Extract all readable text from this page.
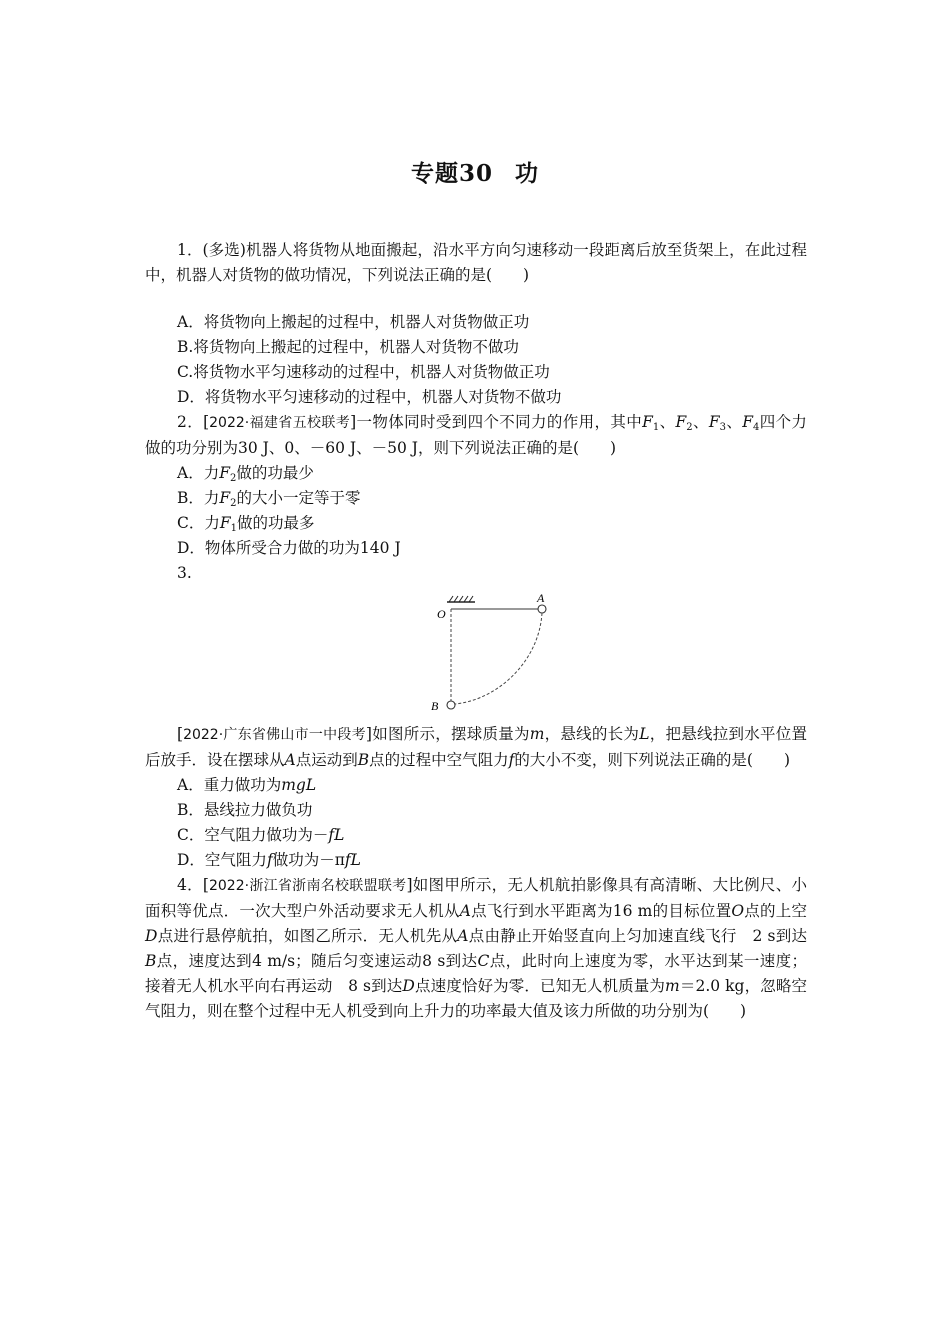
专题30 功

1．(多选)机器人将货物从地面搬起，沿水平方向匀速移动一段距离后放至货架上，在此过程中，机器人对货物的做功情况，下列说法正确的是(　　)

A．将货物向上搬起的过程中，机器人对货物做正功

B.将货物向上搬起的过程中，机器人对货物不做功

C.将货物水平匀速移动的过程中，机器人对货物做正功

D．将货物水平匀速移动的过程中，机器人对货物不做功

2．[2022·福建省五校联考]一物体同时受到四个不同力的作用，其中$F_1$、$F_2$、$F_3$、$F_4$四个力做的功分别为30 J、0、－60 J、－50 J，则下列说法正确的是(　　)

A．力$F_2$做的功最少

B．力$F_2$的大小一定等于零

C．力$F_1$做的功最多

D．物体所受合力做的功为140 J

3.

O
A
B

[2022·广东省佛山市一中段考]如图所示，摆球质量为m，悬线的长为L，把悬线拉到水平位置后放手．设在摆球从A点运动到B点的过程中空气阻力f的大小不变，则下列说法正确的是(　　)

A．重力做功为mgL

B．悬线拉力做负功

C．空气阻力做功为－fL

D．空气阻力f做功为－πfL

4．[2022·浙江省浙南名校联盟联考]如图甲所示，无人机航拍影像具有高清晰、大比例尺、小面积等优点．一次大型户外活动要求无人机从A点飞行到水平距离为16 m的目标位置O点的上空D点进行悬停航拍，如图乙所示．无人机先从A点由静止开始竖直向上匀加速直线飞行　2 s到达B点，速度达到4 m/s；随后匀变速运动8 s到达C点，此时向上速度为零，水平达到某一速度；接着无人机水平向右再运动　8 s到达D点速度恰好为零．已知无人机质量为m＝2.0 kg，忽略空气阻力，则在整个过程中无人机受到向上升力的功率最大值及该力所做的功分别为(　　)
